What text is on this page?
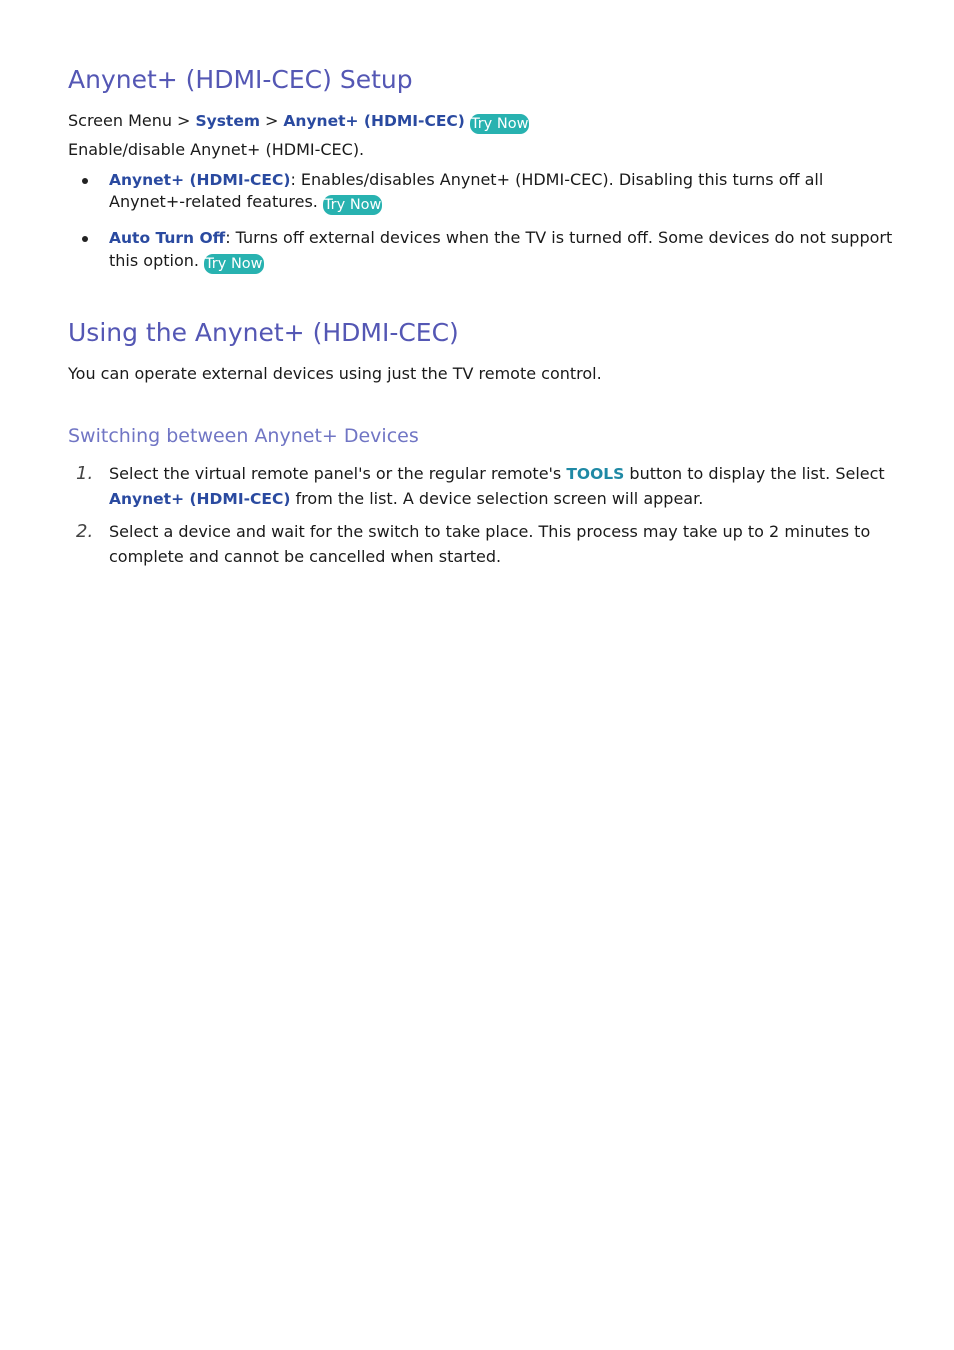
Anynet+ (HDMI-CEC) Setup
Screen Menu > System > Anynet+ (HDMI-CEC) Try Now
Enable/disable Anynet+ (HDMI-CEC).
Anynet+ (HDMI-CEC): Enables/disables Anynet+ (HDMI-CEC). Disabling this turns off all
Anynet+-related features. Try Now
Auto Turn Off: Turns off external devices when the TV is turned off. Some devices do not support
this option. Try Now
Using the Anynet+ (HDMI-CEC)
You can operate external devices using just the TV remote control.
Switching between Anynet+ Devices
1. Select the virtual remote panel's or the regular remote's TOOLS button to display the list. Select
Anynet+ (HDMI-CEC) from the list. A device selection screen will appear.
2. Select a device and wait for the switch to take place. This process may take up to 2 minutes to
complete and cannot be cancelled when started.
